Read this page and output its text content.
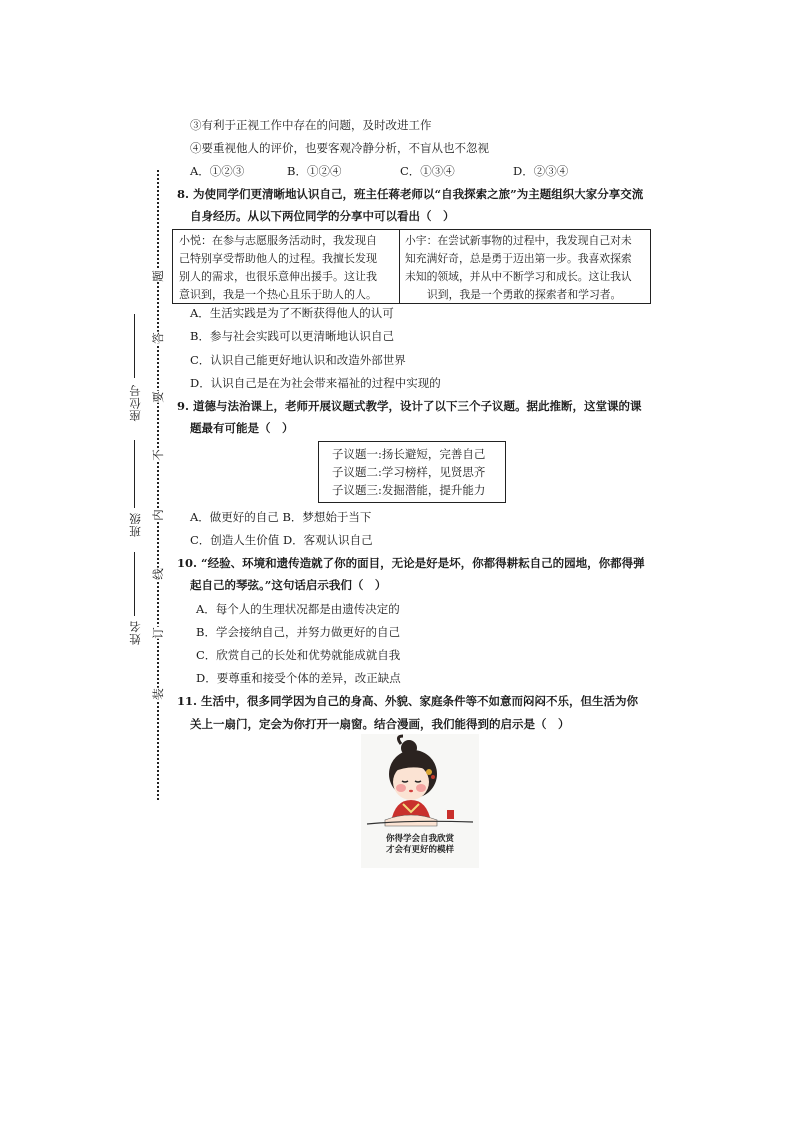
题
答
要
不
内
线
订
装
座位号
班级
姓名
③有利于正视工作中存在的问题，及时改进工作
④要重视他人的评价，也要客观冷静分析，不盲从也不忽视
A．①②③	B．①②④	C．①③④	D．②③④
8. 为使同学们更清晰地认识自己，班主任蒋老师以“自我探索之旅”为主题组织大家分享交流
自身经历。从以下两位同学的分享中可以看出（　）
小悦：在参与志愿服务活动时，我发现自
己特别享受帮助他人的过程。我擅长发现
别人的需求，也很乐意伸出援手。这让我
意识到，我是一个热心且乐于助人的人。
小宇：在尝试新事物的过程中，我发现自己对未
知充满好奇，总是勇于迈出第一步。我喜欢探索
未知的领域，并从中不断学习和成长。这让我认
识到，我是一个勇敢的探索者和学习者。
A．生活实践是为了不断获得他人的认可
B．参与社会实践可以更清晰地认识自己
C．认识自己能更好地认识和改造外部世界
D．认识自己是在为社会带来福祉的过程中实现的
9. 道德与法治课上，老师开展议题式教学，设计了以下三个子议题。据此推断，这堂课的课
题最有可能是（　）
子议题一:扬长避短，完善自己
子议题二:学习榜样，见贤思齐
子议题三:发掘潜能，提升能力
A．做更好的自己 B．梦想始于当下
C．创造人生价值 D．客观认识自己
10. “经验、环境和遗传造就了你的面目，无论是好是坏，你都得耕耘自己的园地，你都得弹
起自己的琴弦。”这句话启示我们（　）
A．每个人的生理状况都是由遗传决定的
B．学会接纳自己，并努力做更好的自己
C．欣赏自己的长处和优势就能成就自我
D．要尊重和接受个体的差异，改正缺点
11. 生活中，很多同学因为自己的身高、外貌、家庭条件等不如意而闷闷不乐，但生活为你
关上一扇门，定会为你打开一扇窗。结合漫画，我们能得到的启示是（　）
你得学会自我欣赏
才会有更好的模样
